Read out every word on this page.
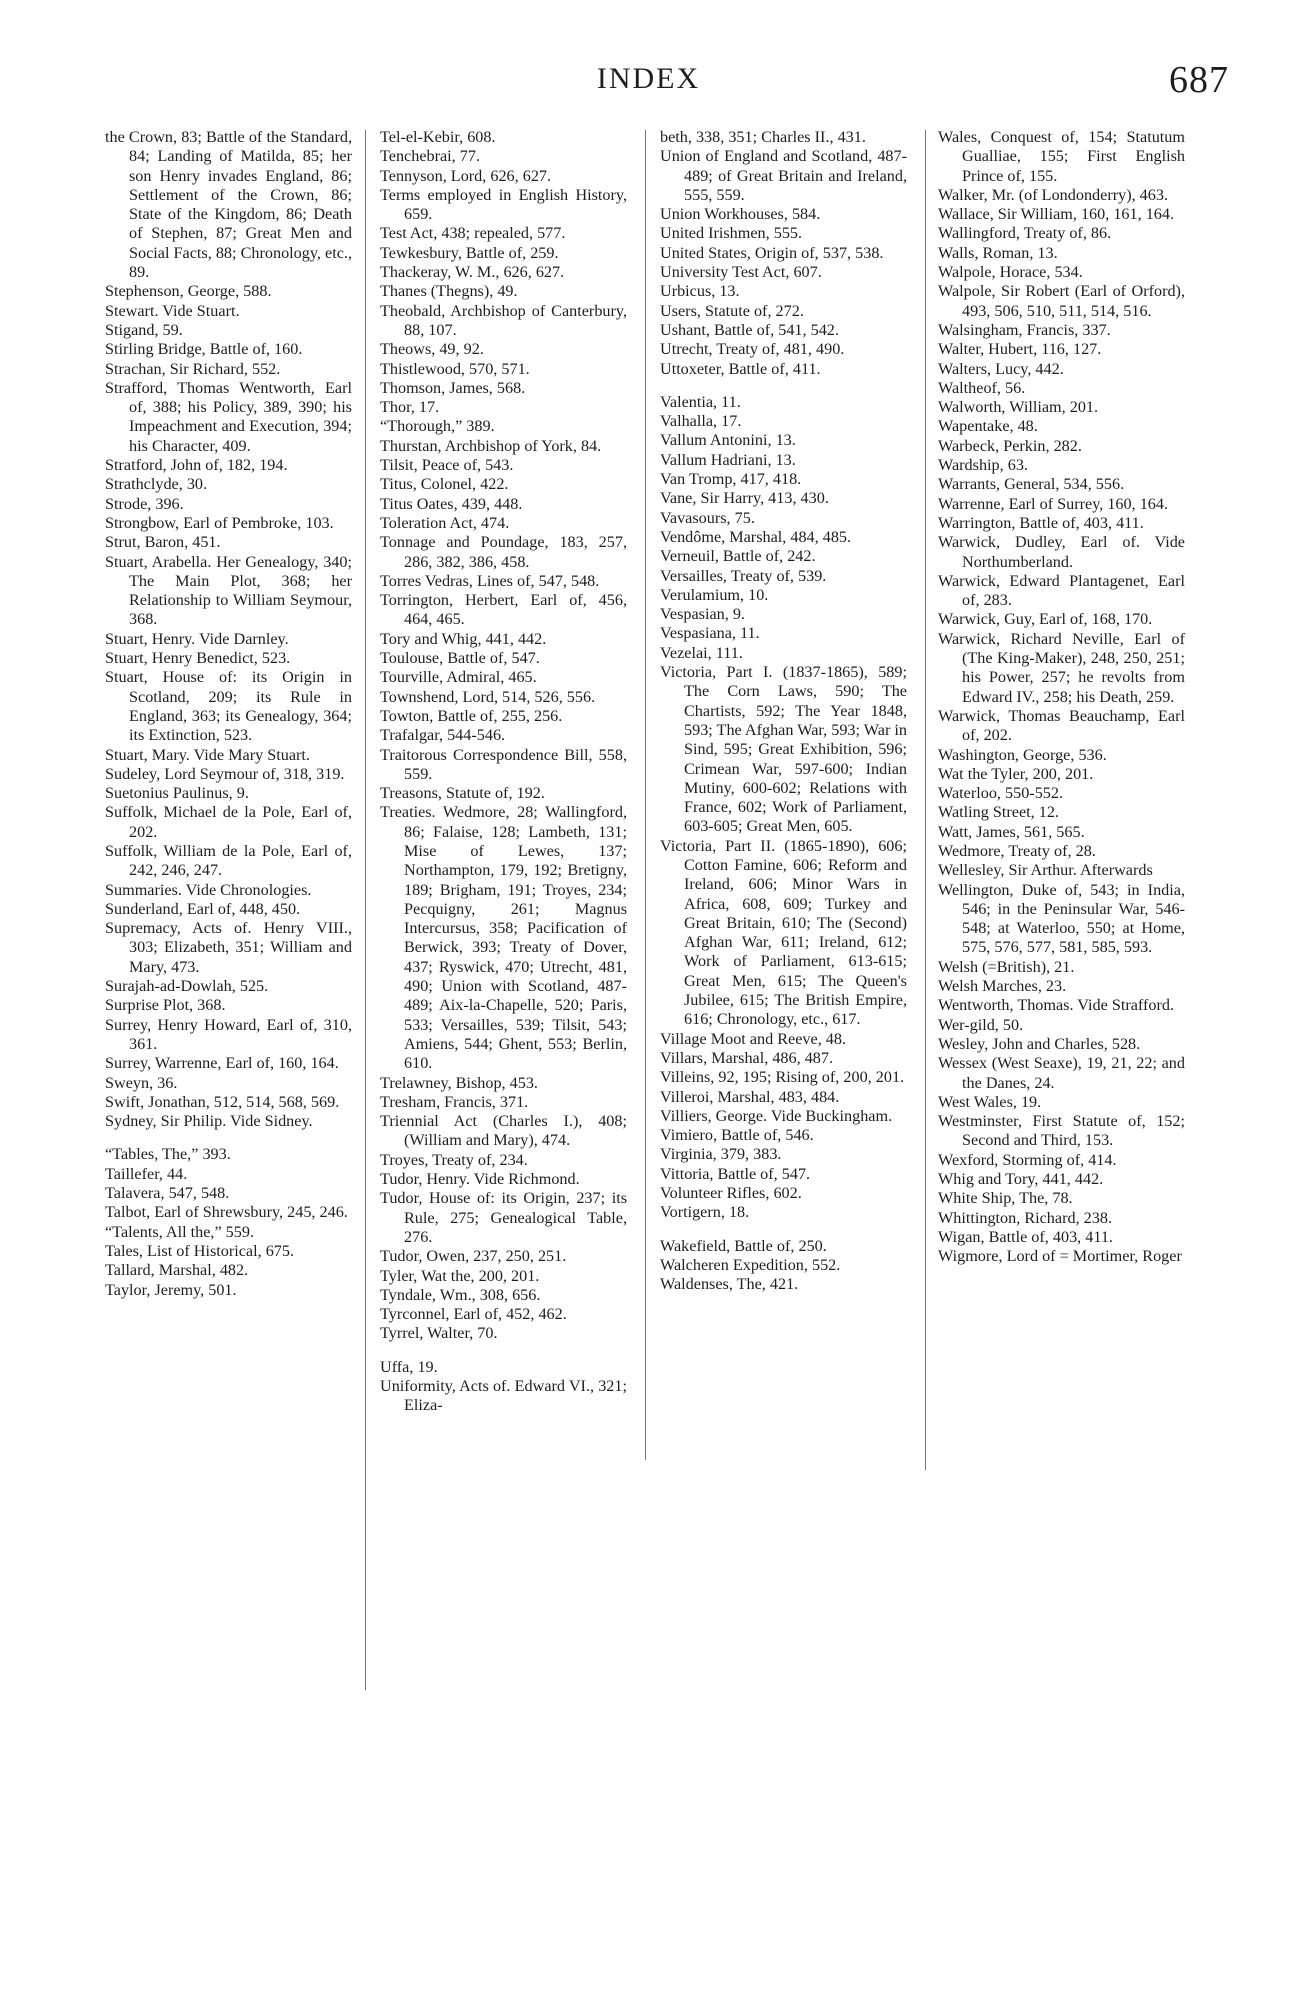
INDEX	687

the Crown, 83; Battle of the Standard, 84; Landing of Matilda, 85; her son Henry invades England, 86; Settlement of the Crown, 86; State of the Kingdom, 86; Death of Stephen, 87; Great Men and Social Facts, 88; Chronology, etc., 89.

Stephenson, George, 588.

Stewart. Vide Stuart.

Stigand, 59.

Stirling Bridge, Battle of, 160.

Strachan, Sir Richard, 552.

Strafford, Thomas Wentworth, Earl of, 388; his Policy, 389, 390; his Impeachment and Execution, 394; his Character, 409.

Stratford, John of, 182, 194.

Strathclyde, 30.

Strode, 396.

Strongbow, Earl of Pembroke, 103.

Strut, Baron, 451.

Stuart, Arabella. Her Genealogy, 340; The Main Plot, 368; her Relationship to William Seymour, 368.

Stuart, Henry. Vide Darnley.

Stuart, Henry Benedict, 523.

Stuart, House of: its Origin in Scotland, 209; its Rule in England, 363; its Genealogy, 364; its Extinction, 523.

Stuart, Mary. Vide Mary Stuart.

Sudeley, Lord Seymour of, 318, 319.

Suetonius Paulinus, 9.

Suffolk, Michael de la Pole, Earl of, 202.

Suffolk, William de la Pole, Earl of, 242, 246, 247.

Summaries. Vide Chronologies.

Sunderland, Earl of, 448, 450.

Supremacy, Acts of. Henry VIII., 303; Elizabeth, 351; William and Mary, 473.

Surajah-ad-Dowlah, 525.

Surprise Plot, 368.

Surrey, Henry Howard, Earl of, 310, 361.

Surrey, Warrenne, Earl of, 160, 164.

Sweyn, 36.

Swift, Jonathan, 512, 514, 568, 569.

Sydney, Sir Philip. Vide Sidney.

“Tables, The,” 393.

Taillefer, 44.

Talavera, 547, 548.

Talbot, Earl of Shrewsbury, 245, 246.

“Talents, All the,” 559.

Tales, List of Historical, 675.

Tallard, Marshal, 482.

Taylor, Jeremy, 501.

Tel-el-Kebir, 608.

Tenchebrai, 77.

Tennyson, Lord, 626, 627.

Terms employed in English History, 659.

Test Act, 438; repealed, 577.

Tewkesbury, Battle of, 259.

Thackeray, W. M., 626, 627.

Thanes (Thegns), 49.

Theobald, Archbishop of Canterbury, 88, 107.

Theows, 49, 92.

Thistlewood, 570, 571.

Thomson, James, 568.

Thor, 17.

“Thorough,” 389.

Thurstan, Archbishop of York, 84.

Tilsit, Peace of, 543.

Titus, Colonel, 422.

Titus Oates, 439, 448.

Toleration Act, 474.

Tonnage and Poundage, 183, 257, 286, 382, 386, 458.

Torres Vedras, Lines of, 547, 548.

Torrington, Herbert, Earl of, 456, 464, 465.

Tory and Whig, 441, 442.

Toulouse, Battle of, 547.

Tourville, Admiral, 465.

Townshend, Lord, 514, 526, 556.

Towton, Battle of, 255, 256.

Trafalgar, 544-546.

Traitorous Correspondence Bill, 558, 559.

Treasons, Statute of, 192.

Treaties. Wedmore, 28; Wallingford, 86; Falaise, 128; Lambeth, 131; Mise of Lewes, 137; Northampton, 179, 192; Bretigny, 189; Brigham, 191; Troyes, 234; Pecquigny, 261; Magnus Intercursus, 358; Pacification of Berwick, 393; Treaty of Dover, 437; Ryswick, 470; Utrecht, 481, 490; Union with Scotland, 487-489; Aix-la-Chapelle, 520; Paris, 533; Versailles, 539; Tilsit, 543; Amiens, 544; Ghent, 553; Berlin, 610.

Trelawney, Bishop, 453.

Tresham, Francis, 371.

Triennial Act (Charles I.), 408; (William and Mary), 474.

Troyes, Treaty of, 234.

Tudor, Henry. Vide Richmond.

Tudor, House of: its Origin, 237; its Rule, 275; Genealogical Table, 276.

Tudor, Owen, 237, 250, 251.

Tyler, Wat the, 200, 201.

Tyndale, Wm., 308, 656.

Tyrconnel, Earl of, 452, 462.

Tyrrel, Walter, 70.

Uffa, 19.

Uniformity, Acts of. Edward VI., 321; Eliza-

beth, 338, 351; Charles II., 431.

Union of England and Scotland, 487-489; of Great Britain and Ireland, 555, 559.

Union Workhouses, 584.

United Irishmen, 555.

United States, Origin of, 537, 538.

University Test Act, 607.

Urbicus, 13.

Users, Statute of, 272.

Ushant, Battle of, 541, 542.

Utrecht, Treaty of, 481, 490.

Uttoxeter, Battle of, 411.

Valentia, 11.

Valhalla, 17.

Vallum Antonini, 13.

Vallum Hadriani, 13.

Van Tromp, 417, 418.

Vane, Sir Harry, 413, 430.

Vavasours, 75.

Vendôme, Marshal, 484, 485.

Verneuil, Battle of, 242.

Versailles, Treaty of, 539.

Verulamium, 10.

Vespasian, 9.

Vespasiana, 11.

Vezelai, 111.

Victoria, Part I. (1837-1865), 589; The Corn Laws, 590; The Chartists, 592; The Year 1848, 593; The Afghan War, 593; War in Sind, 595; Great Exhibition, 596; Crimean War, 597-600; Indian Mutiny, 600-602; Relations with France, 602; Work of Parliament, 603-605; Great Men, 605.

Victoria, Part II. (1865-1890), 606; Cotton Famine, 606; Reform and Ireland, 606; Minor Wars in Africa, 608, 609; Turkey and Great Britain, 610; The (Second) Afghan War, 611; Ireland, 612; Work of Parliament, 613-615; Great Men, 615; The Queen's Jubilee, 615; The British Empire, 616; Chronology, etc., 617.

Village Moot and Reeve, 48.

Villars, Marshal, 486, 487.

Villeins, 92, 195; Rising of, 200, 201.

Villeroi, Marshal, 483, 484.

Villiers, George. Vide Buckingham.

Vimiero, Battle of, 546.

Virginia, 379, 383.

Vittoria, Battle of, 547.

Volunteer Rifles, 602.

Vortigern, 18.

Wakefield, Battle of, 250.

Walcheren Expedition, 552.

Waldenses, The, 421.

Wales, Conquest of, 154; Statutum Gualliae, 155; First English Prince of, 155.

Walker, Mr. (of Londonderry), 463.

Wallace, Sir William, 160, 161, 164.

Wallingford, Treaty of, 86.

Walls, Roman, 13.

Walpole, Horace, 534.

Walpole, Sir Robert (Earl of Orford), 493, 506, 510, 511, 514, 516.

Walsingham, Francis, 337.

Walter, Hubert, 116, 127.

Walters, Lucy, 442.

Waltheof, 56.

Walworth, William, 201.

Wapentake, 48.

Warbeck, Perkin, 282.

Wardship, 63.

Warrants, General, 534, 556.

Warrenne, Earl of Surrey, 160, 164.

Warrington, Battle of, 403, 411.

Warwick, Dudley, Earl of. Vide Northumberland.

Warwick, Edward Plantagenet, Earl of, 283.

Warwick, Guy, Earl of, 168, 170.

Warwick, Richard Neville, Earl of (The King-Maker), 248, 250, 251; his Power, 257; he revolts from Edward IV., 258; his Death, 259.

Warwick, Thomas Beauchamp, Earl of, 202.

Washington, George, 536.

Wat the Tyler, 200, 201.

Waterloo, 550-552.

Watling Street, 12.

Watt, James, 561, 565.

Wedmore, Treaty of, 28.

Wellesley, Sir Arthur. Afterwards

Wellington, Duke of, 543; in India, 546; in the Peninsular War, 546-548; at Waterloo, 550; at Home, 575, 576, 577, 581, 585, 593.

Welsh (=British), 21.

Welsh Marches, 23.

Wentworth, Thomas. Vide Strafford.

Wer-gild, 50.

Wesley, John and Charles, 528.

Wessex (West Seaxe), 19, 21, 22; and the Danes, 24.

West Wales, 19.

Westminster, First Statute of, 152; Second and Third, 153.

Wexford, Storming of, 414.

Whig and Tory, 441, 442.

White Ship, The, 78.

Whittington, Richard, 238.

Wigan, Battle of, 403, 411.

Wigmore, Lord of = Mortimer, Roger
